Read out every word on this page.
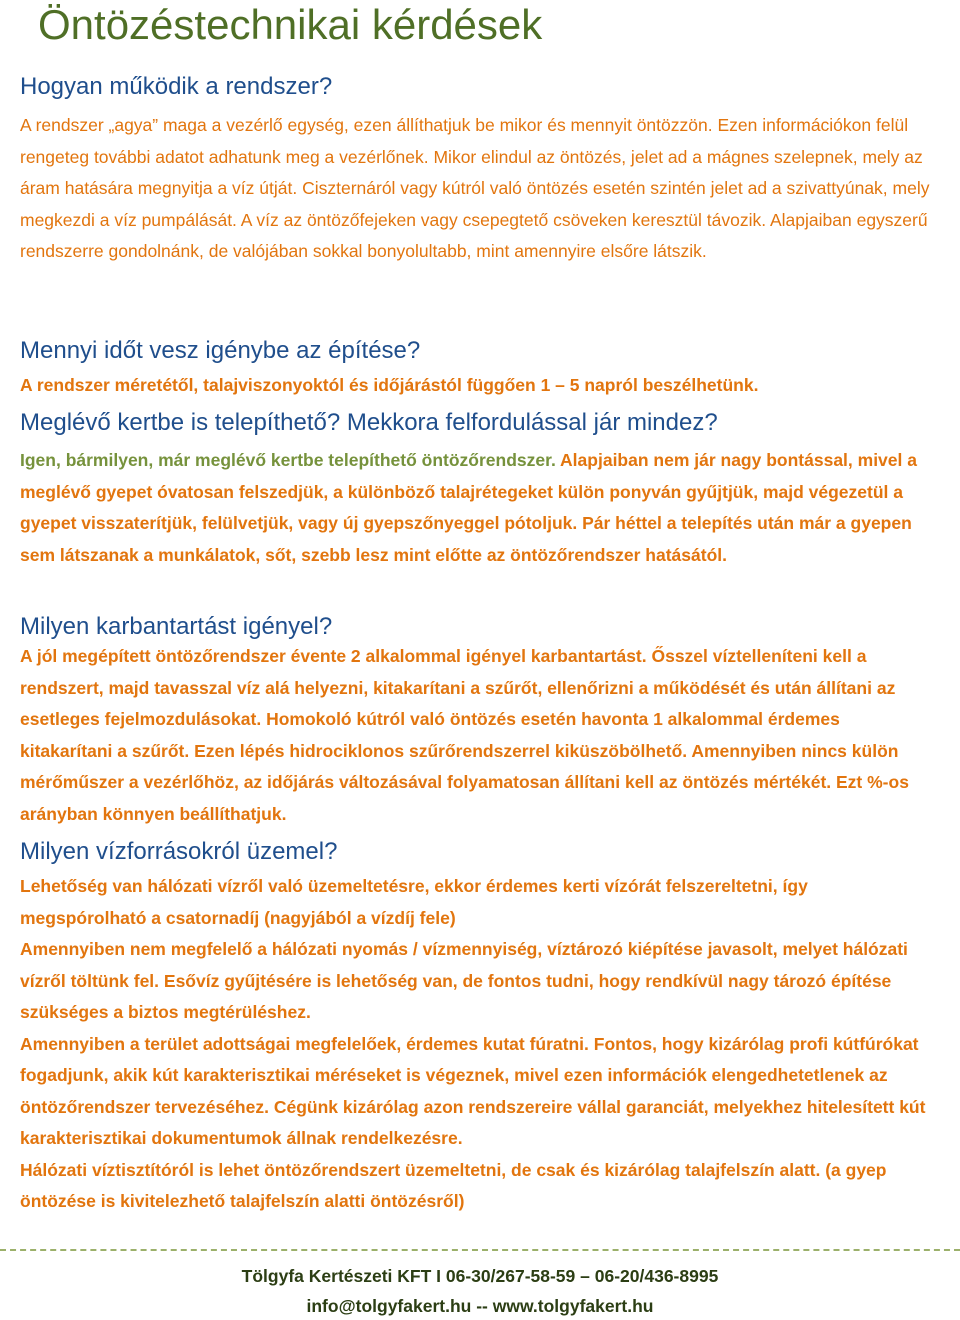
Öntözéstechnikai kérdések
Hogyan működik a rendszer?

A rendszer „agya” maga a vezérlő egység, ezen állíthatjuk be mikor és mennyit öntözzön. Ezen információkon felül rengeteg további adatot adhatunk meg a vezérlőnek. Mikor elindul az öntözés, jelet ad a mágnes szelepnek, mely az áram hatására megnyitja a víz útját. Ciszternáról vagy kútról való öntözés esetén szintén jelet ad a szivattyúnak, mely megkezdi a víz pumpálását. A víz az öntözőfejeken vagy csepegtető csöveken keresztül távozik. Alapjaiban egyszerű rendszerre gondolnánk, de valójában sokkal bonyolultabb, mint amennyire elsőre látszik.

Mennyi időt vesz igénybe az építése?

A rendszer méretétől, talajviszonyoktól és időjárástól függően 1 – 5 napról beszélhetünk.

Meglévő kertbe is telepíthető? Mekkora felfordulással jár mindez?

Igen, bármilyen, már meglévő kertbe telepíthető öntözőrendszer. Alapjaiban nem jár nagy bontással, mivel a meglévő gyepet óvatosan felszedjük, a különböző talajrétegeket külön ponyván gyűjtjük, majd végezetül a gyepet visszaterítjük, felülvetjük, vagy új gyepszőnyeggel pótoljuk. Pár héttel a telepítés után már a gyepen sem látszanak a munkálatok, sőt, szebb lesz mint előtte az öntözőrendszer hatásától.

Milyen karbantartást igényel?

A jól megépített öntözőrendszer évente 2 alkalommal igényel karbantartást. Ősszel víztelleníteni kell a rendszert, majd tavasszal víz alá helyezni, kitakarítani a szűrőt, ellenőrizni a működését és után állítani az esetleges fejelmozdulásokat. Homokoló kútról való öntözés esetén havonta 1 alkalommal érdemes kitakarítani a szűrőt. Ezen lépés hidrociklonos szűrőrendszerrel kiküszöbölhető. Amennyiben nincs külön mérőműszer a vezérlőhöz, az időjárás változásával folyamatosan állítani kell az öntözés mértékét. Ezt %-os arányban könnyen beállíthatjuk.

Milyen vízforrásokról üzemel?
Lehetőség van hálózati vízről való üzemeltetésre, ekkor érdemes kerti vízórát felszereltetni, így megspórolható a csatornadíj (nagyjából a vízdíj fele)
Amennyiben nem megfelelő a hálózati nyomás / vízmennyiség, víztározó kiépítése javasolt, melyet hálózati vízről töltünk fel. Esővíz gyűjtésére is lehetőség van, de fontos tudni, hogy rendkívül nagy tározó építése szükséges a biztos megtérüléshez.
Amennyiben a terület adottságai megfelelőek, érdemes kutat fúratni. Fontos, hogy kizárólag profi kútfúrókat fogadjunk, akik kút karakterisztikai méréseket is végeznek, mivel ezen információk elengedhetetlenek az öntözőrendszer tervezéséhez. Cégünk kizárólag azon rendszereire vállal garanciát, melyekhez hitelesített kút karakterisztikai dokumentumok állnak rendelkezésre.
Hálózati víztisztítóról is lehet öntözőrendszert üzemeltetni, de csak és kizárólag talajfelszín alatt. (a gyep öntözése is kivitelezhető talajfelszín alatti öntözésről)
Tölgyfa Kertészeti KFT I 06-30/267-58-59 – 06-20/436-8995
info@tolgyfakert.hu -- www.tolgyfakert.hu
